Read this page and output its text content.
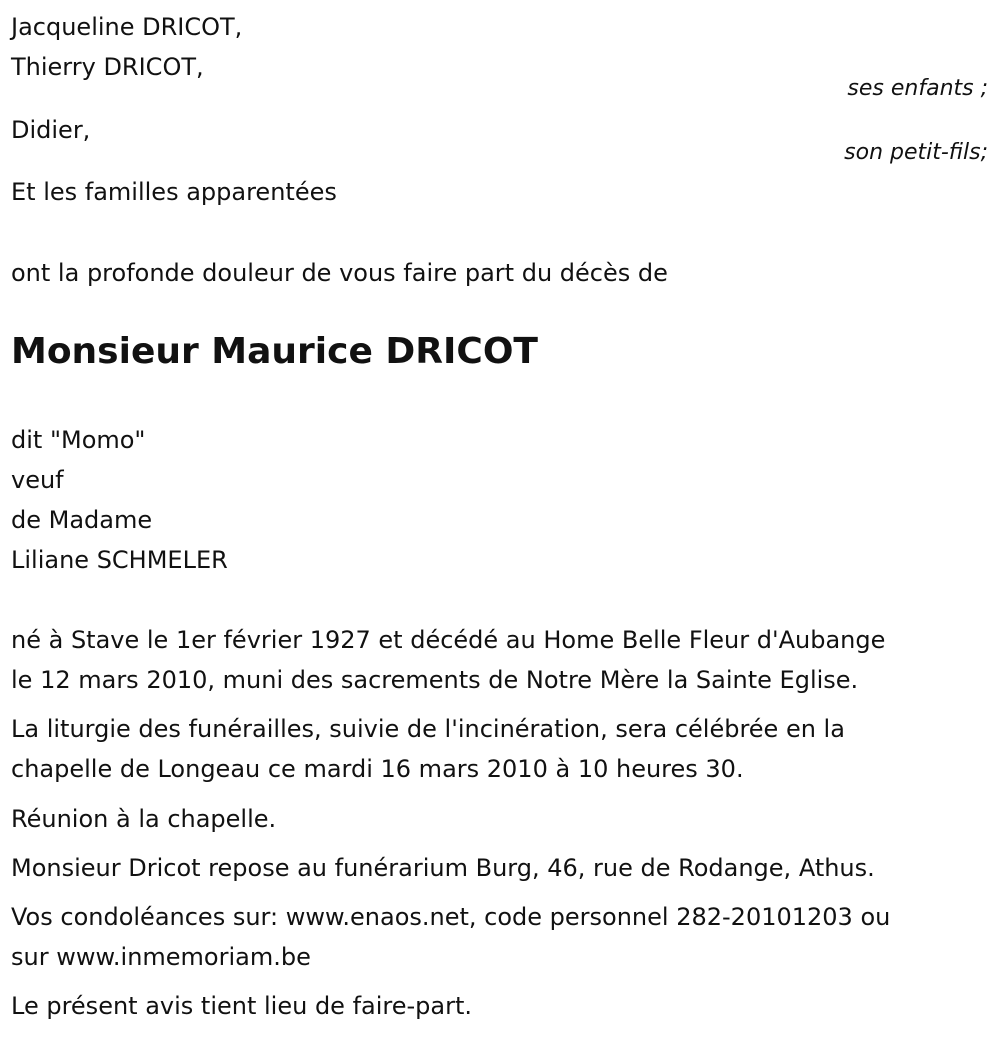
Jacqueline DRICOT,
Thierry DRICOT,
ses enfants ;
Didier,
son petit-fils;
Et les familles apparentées
ont la profonde douleur de vous faire part du décès de
Monsieur Maurice DRICOT
dit "Momo"
veuf
de Madame
Liliane SCHMELER
né à Stave le 1er février 1927 et décédé au Home Belle Fleur d'Aubange
le 12 mars 2010, muni des sacrements de Notre Mère la Sainte Eglise.
La liturgie des funérailles, suivie de l'incinération, sera célébrée en la
chapelle de Longeau ce mardi 16 mars 2010 à 10 heures 30.
Réunion à la chapelle.
Monsieur Dricot repose au funérarium Burg, 46, rue de Rodange, Athus.
Vos condoléances sur: www.enaos.net, code personnel 282-20101203 ou
sur www.inmemoriam.be
Le présent avis tient lieu de faire-part.
